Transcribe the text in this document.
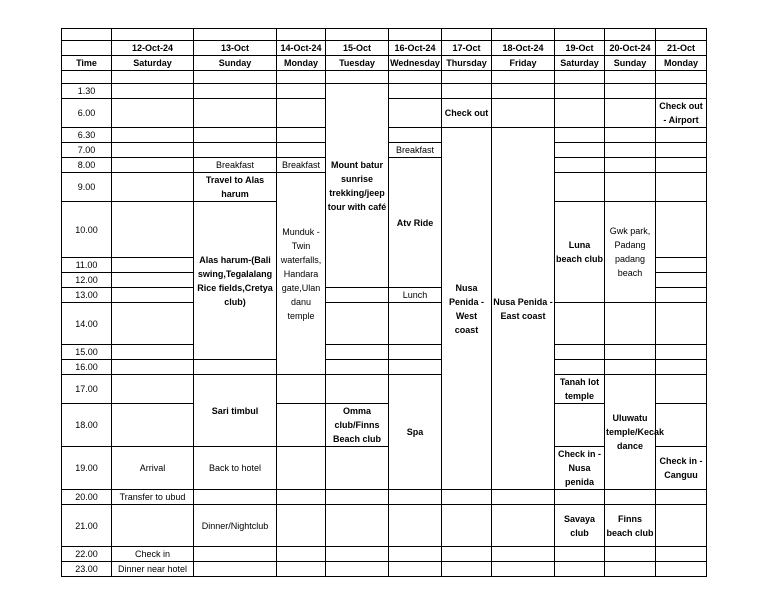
	12-Oct-24	13-Oct	14-Oct-24	15-Oct	16-Oct-24	17-Oct	18-Oct-24	19-Oct	20-Oct-24	21-Oct	
Time	Saturday	Sunday	Monday	Tuesday	Wednesday	Thursday	Friday	Saturday	Sunday	Monday	

1.30				Mount batur sunrise trekking/jeep tour with café							
6.00						Check out				Check out - Airport	
6.30						Nusa Penida - West coast	Nusa Penida - East coast				
7.00					Breakfast						
8.00		Breakfast	Breakfast		Atv Ride						
9.00		Travel to Alas harum	Munduk - Twin waterfalls, Handara gate,Ulan danu temple								
10.00		Alas harum-(Bali swing,Tegalalang Rice fields,Cretya club)						Luna beach club	Gwk park, Padang padang beach		
11.00											
12.00											
13.00					Lunch						
14.00											
15.00											
16.00											
17.00		Sari timbul			Spa			Tanah lot temple	Uluwatu temple/Kecak dance		
18.00				Omma club/Finns Beach club							
19.00	Arrival	Back to hotel						Check in - Nusa penida		Check in - Canguu		
20.00	Transfer to ubud										
21.00		Dinner/Nightclub						Savaya club	Finns beach club		
22.00	Check in										
23.00	Dinner near hotel										
